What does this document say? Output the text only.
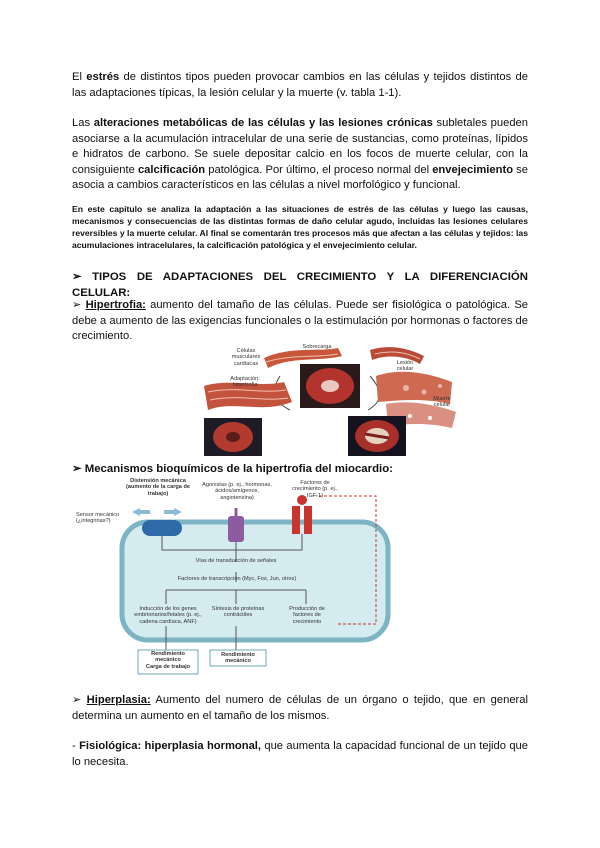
El estrés de distintos tipos pueden provocar cambios en las células y tejidos distintos de las adaptaciones típicas, la lesión celular y la muerte (v. tabla 1-1).
Las alteraciones metabólicas de las células y las lesiones crónicas subletales pueden asociarse a la acumulación intracelular de una serie de sustancias, como proteínas, lípidos e hidratos de carbono. Se suele depositar calcio en los focos de muerte celular, con la consiguiente calcificación patológica. Por último, el proceso normal del envejecimiento se asocia a cambios característicos en las células a nivel morfológico y funcional.
En este capítulo se analiza la adaptación a las situaciones de estrés de las células y luego las causas, mecanismos y consecuencias de las distintas formas de daño celular agudo, incluidas las lesiones celulares reversibles y la muerte celular. Al final se comentarán tres procesos más que afectan a las células y tejidos: las acumulaciones intracelulares, la calcificación patológica y el envejecimiento celular.
➢ TIPOS DE ADAPTACIONES DEL CRECIMIENTO Y LA DIFERENCIACIÓN CELULAR:
➢ Hipertrofia: aumento del tamaño de las células. Puede ser fisiológica o patológica. Se debe a aumento de las exigencias funcionales o la estimulación por hormonas o factores de crecimiento.
Células musculares cardíacas
Sobrecarga
Adaptación: hipertrofia
Lesión celular
Muerte celular
➢ Mecanismos bioquímicos de la hipertrofia del miocardio:
Distensión mecánica (aumento de la carga de trabajo)
Agonistas (p. ej., hormonas, ácidos/amígenos, angiotensina)
Factores de crecimiento (p. ej., IGF-1)
Sensor mecánico (¿integrinas?)
Vías de transducción de señales
Factores de transcripción (Myc, Fos, Jun, otros)
Inducción de los genes embrionarios/fetales (p. ej., cadena cardíaca, ANF)
Síntesis de proteínas contráctiles
Producción de factores de crecimiento
Rendimiento mecánico
Carga de trabajo
Rendimiento mecánico
➢ Hiperplasia: Aumento del numero de células de un órgano o tejido, que en general determina un aumento en el tamaño de los mismos.
- Fisiológica: hiperplasia hormonal, que aumenta la capacidad funcional de un tejido que lo necesita.
